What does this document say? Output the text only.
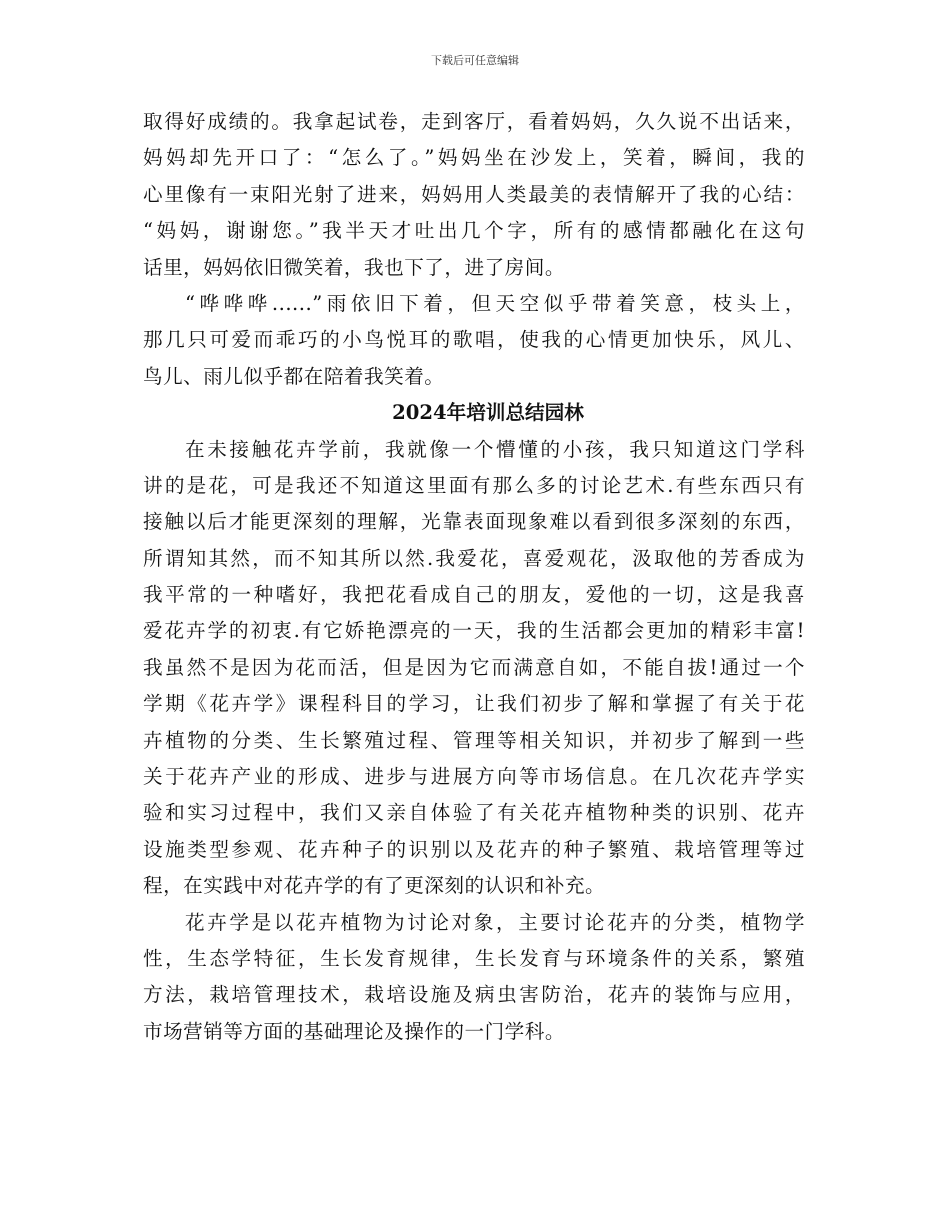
下载后可任意编辑
取得好成绩的。我拿起试卷，走到客厅，看着妈妈，久久说不出话来，
妈妈却先开口了：“怎么了。”妈妈坐在沙发上，笑着，瞬间，我的
心里像有一束阳光射了进来，妈妈用人类最美的表情解开了我的心结：
“妈妈，谢谢您。”我半天才吐出几个字，所有的感情都融化在这句
话里，妈妈依旧微笑着，我也下了，进了房间。
“哗哗哗......”雨依旧下着，但天空似乎带着笑意，枝头上，
那几只可爱而乖巧的小鸟悦耳的歌唱，使我的心情更加快乐，风儿、
鸟儿、雨儿似乎都在陪着我笑着。
2024年培训总结园林
在未接触花卉学前，我就像一个懵懂的小孩，我只知道这门学科
讲的是花，可是我还不知道这里面有那么多的讨论艺术.有些东西只有
接触以后才能更深刻的理解，光靠表面现象难以看到很多深刻的东西，
所谓知其然，而不知其所以然.我爱花，喜爱观花，汲取他的芳香成为
我平常的一种嗜好，我把花看成自己的朋友，爱他的一切，这是我喜
爱花卉学的初衷.有它娇艳漂亮的一天，我的生活都会更加的精彩丰富!
我虽然不是因为花而活，但是因为它而满意自如，不能自拔!通过一个
学期《花卉学》课程科目的学习，让我们初步了解和掌握了有关于花
卉植物的分类、生长繁殖过程、管理等相关知识，并初步了解到一些
关于花卉产业的形成、进步与进展方向等市场信息。在几次花卉学实
验和实习过程中，我们又亲自体验了有关花卉植物种类的识别、花卉
设施类型参观、花卉种子的识别以及花卉的种子繁殖、栽培管理等过
程，在实践中对花卉学的有了更深刻的认识和补充。
花卉学是以花卉植物为讨论对象，主要讨论花卉的分类，植物学
性，生态学特征，生长发育规律，生长发育与环境条件的关系，繁殖
方法，栽培管理技术，栽培设施及病虫害防治，花卉的装饰与应用，
市场营销等方面的基础理论及操作的一门学科。
